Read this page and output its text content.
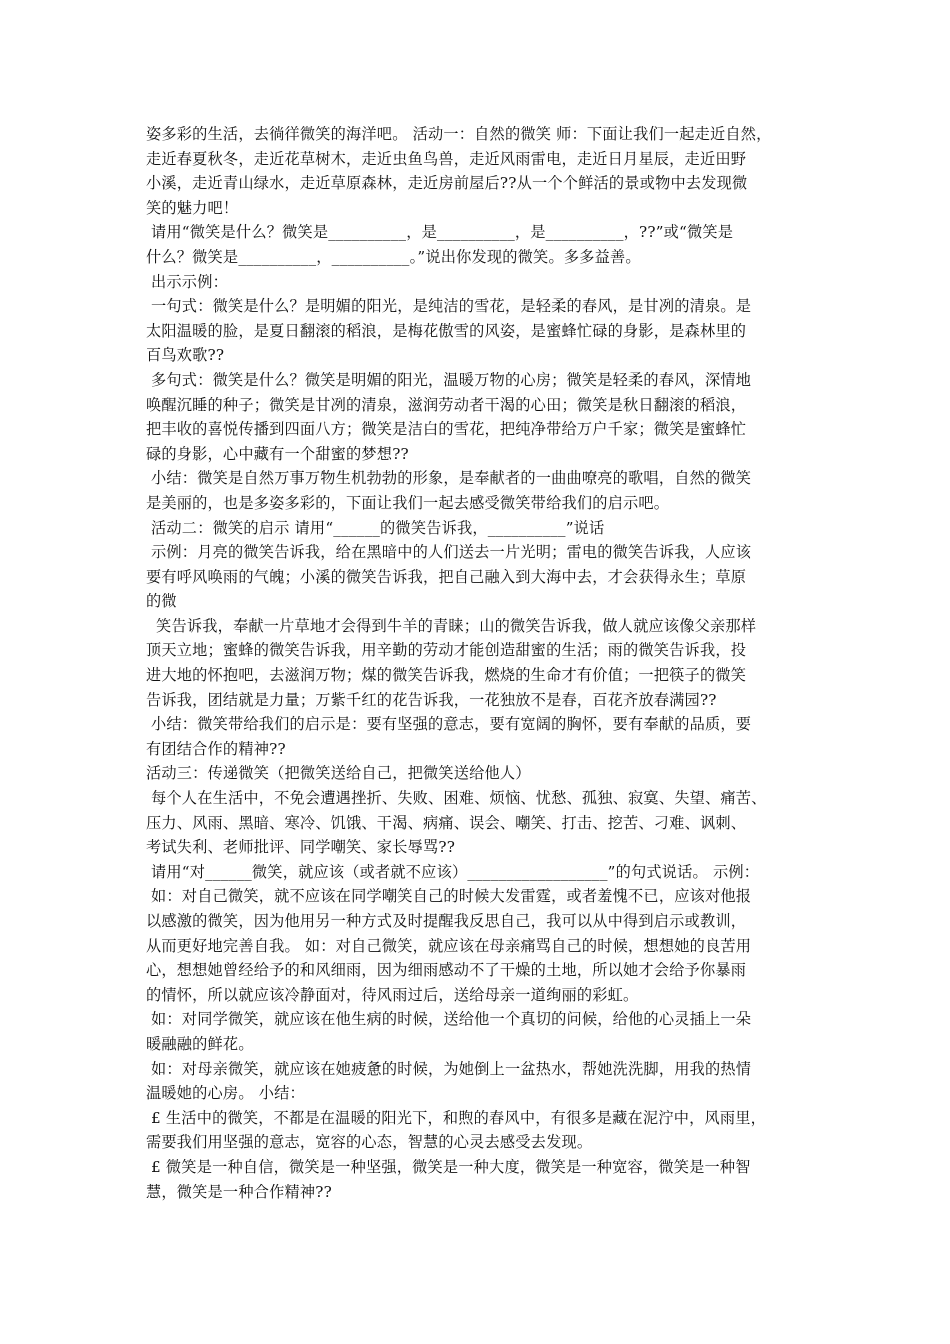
姿多彩的生活，去徜徉微笑的海洋吧。 活动一：自然的微笑 师：下面让我们一起走近自然，
走近春夏秋冬，走近花草树木，走近虫鱼鸟兽，走近风雨雷电，走近日月星辰，走近田野
小溪，走近青山绿水，走近草原森林，走近房前屋后??从一个个鲜活的景或物中去发现微
笑的魅力吧！
请用“微笑是什么？微笑是__________，是__________，是__________，??”或“微笑是
什么？微笑是__________，__________。”说出你发现的微笑。多多益善。
出示示例：
一句式：微笑是什么？是明媚的阳光，是纯洁的雪花，是轻柔的春风，是甘冽的清泉。是
太阳温暖的脸，是夏日翻滚的稻浪，是梅花傲雪的风姿，是蜜蜂忙碌的身影，是森林里的
百鸟欢歌??
多句式：微笑是什么？微笑是明媚的阳光，温暖万物的心房；微笑是轻柔的春风，深情地
唤醒沉睡的种子；微笑是甘冽的清泉，滋润劳动者干渴的心田；微笑是秋日翻滚的稻浪，
把丰收的喜悦传播到四面八方；微笑是洁白的雪花，把纯净带给万户千家；微笑是蜜蜂忙
碌的身影，心中藏有一个甜蜜的梦想??
小结：微笑是自然万事万物生机勃勃的形象，是奉献者的一曲曲嘹亮的歌唱，自然的微笑
是美丽的，也是多姿多彩的，下面让我们一起去感受微笑带给我们的启示吧。
活动二：微笑的启示 请用“______的微笑告诉我，__________”说话
示例：月亮的微笑告诉我，给在黑暗中的人们送去一片光明；雷电的微笑告诉我，人应该
要有呼风唤雨的气魄；小溪的微笑告诉我，把自己融入到大海中去，才会获得永生；草原
的微
笑告诉我，奉献一片草地才会得到牛羊的青睐；山的微笑告诉我，做人就应该像父亲那样
顶天立地；蜜蜂的微笑告诉我，用辛勤的劳动才能创造甜蜜的生活；雨的微笑告诉我，投
进大地的怀抱吧，去滋润万物；煤的微笑告诉我，燃烧的生命才有价值；一把筷子的微笑
告诉我，团结就是力量；万紫千红的花告诉我，一花独放不是春，百花齐放春满园??
小结：微笑带给我们的启示是：要有坚强的意志，要有宽阔的胸怀，要有奉献的品质，要
有团结合作的精神??
活动三：传递微笑（把微笑送给自己，把微笑送给他人）
每个人在生活中，不免会遭遇挫折、失败、困难、烦恼、忧愁、孤独、寂寞、失望、痛苦、
压力、风雨、黑暗、寒冷、饥饿、干渴、病痛、误会、嘲笑、打击、挖苦、刁难、讽刺、
考试失利、老师批评、同学嘲笑、家长辱骂??
请用“对______微笑，就应该（或者就不应该）__________________”的句式说话。 示例：
如：对自己微笑，就不应该在同学嘲笑自己的时候大发雷霆，或者羞愧不已，应该对他报
以感激的微笑，因为他用另一种方式及时提醒我反思自己，我可以从中得到启示或教训，
从而更好地完善自我。 如：对自己微笑，就应该在母亲痛骂自己的时候，想想她的良苦用
心，想想她曾经给予的和风细雨，因为细雨感动不了干燥的土地，所以她才会给予你暴雨
的情怀，所以就应该冷静面对，待风雨过后，送给母亲一道绚丽的彩虹。
如：对同学微笑，就应该在他生病的时候，送给他一个真切的问候，给他的心灵插上一朵
暖融融的鲜花。
如：对母亲微笑，就应该在她疲惫的时候，为她倒上一盆热水，帮她洗洗脚，用我的热情
温暖她的心房。 小结：
£ 生活中的微笑，不都是在温暖的阳光下，和煦的春风中，有很多是藏在泥泞中，风雨里，
需要我们用坚强的意志，宽容的心态，智慧的心灵去感受去发现。
£ 微笑是一种自信，微笑是一种坚强，微笑是一种大度，微笑是一种宽容，微笑是一种智
慧，微笑是一种合作精神??
